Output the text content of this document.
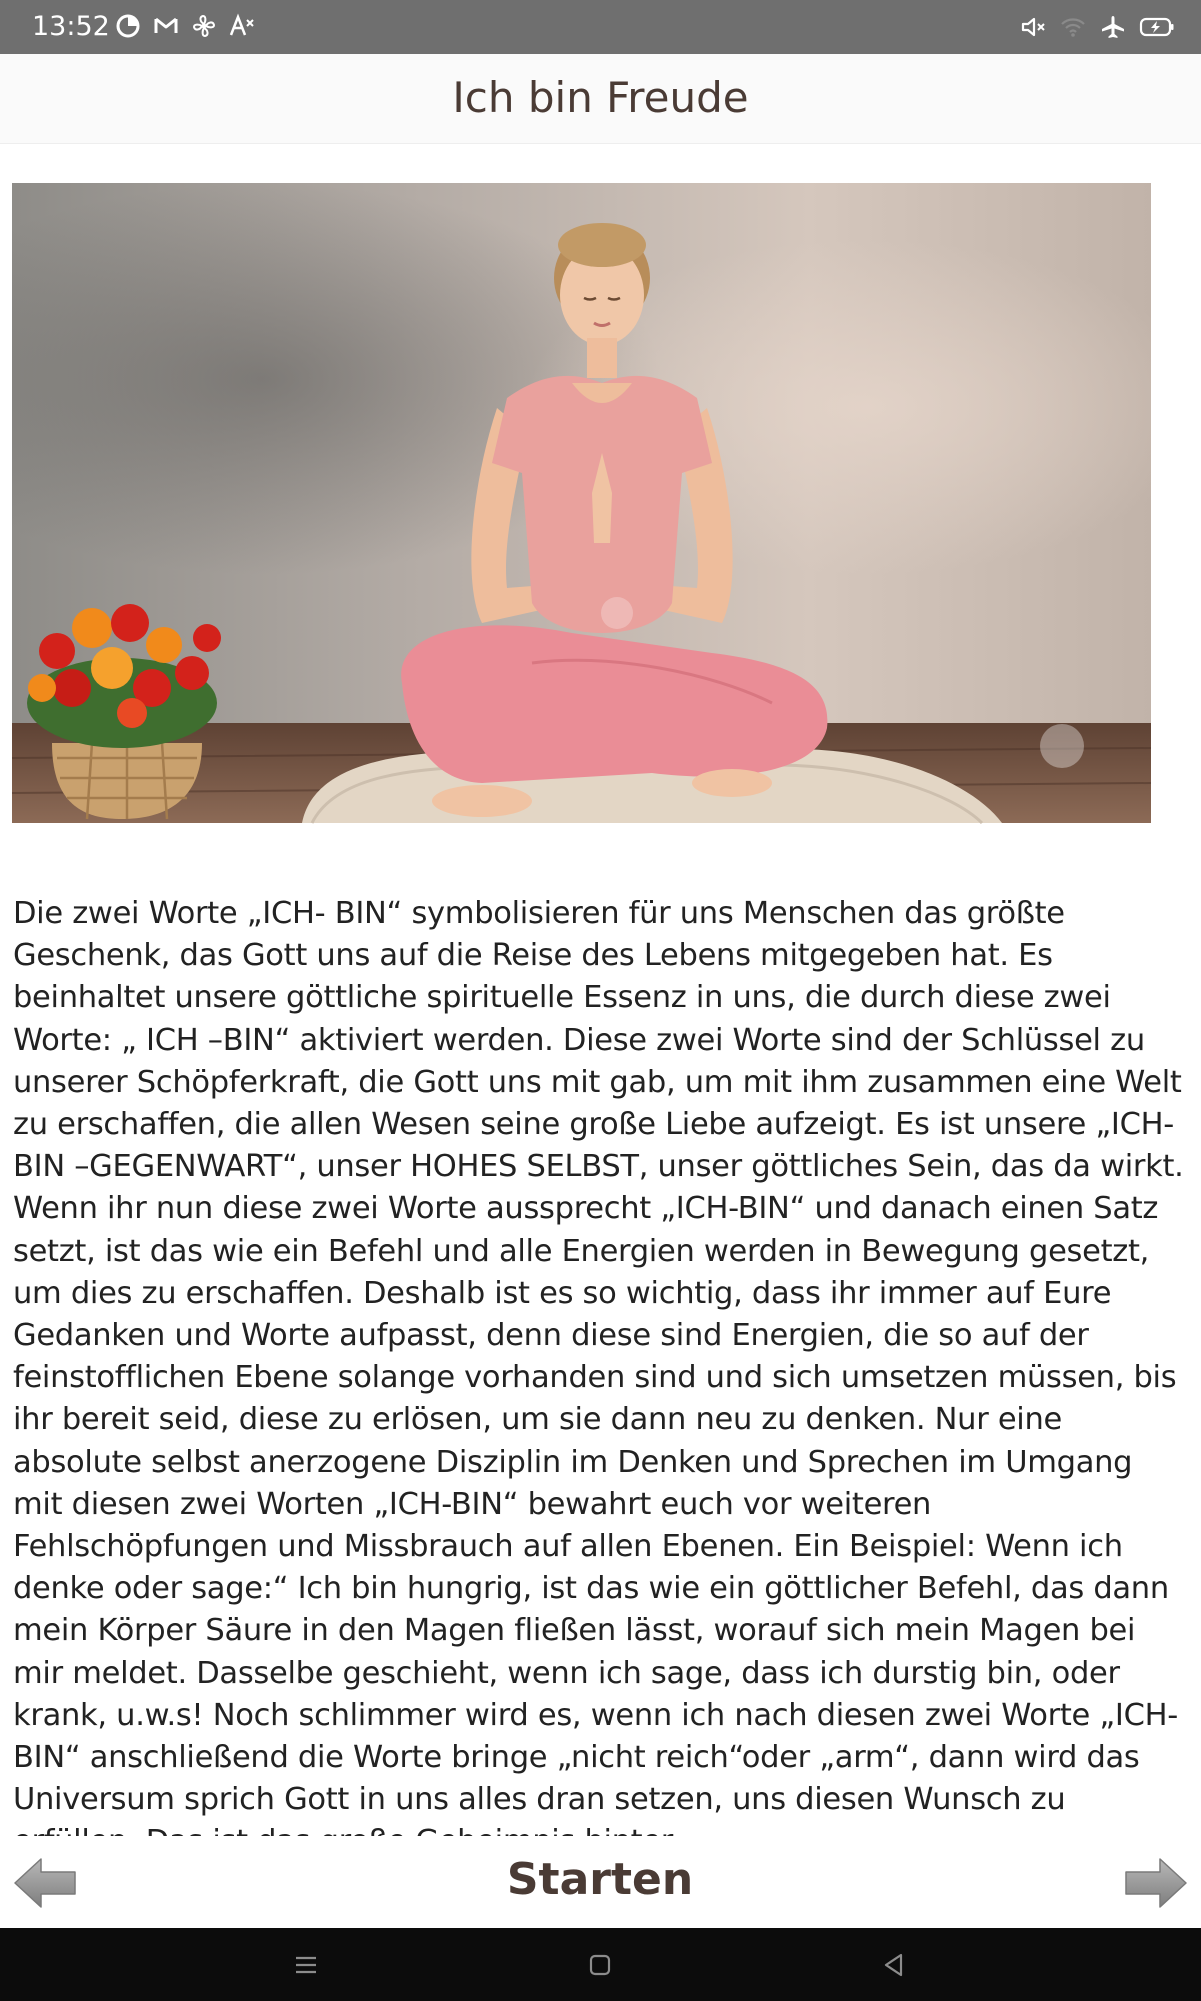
13:52
Ich bin Freude

Die zwei Worte „ICH- BIN“ symbolisieren für uns Menschen das größte Geschenk, das Gott uns auf die Reise des Lebens mitgegeben hat. Es beinhaltet unsere göttliche spirituelle Essenz in uns, die durch diese zwei Worte: „ ICH –BIN“ aktiviert werden. Diese zwei Worte sind der Schlüssel zu unserer Schöpferkraft, die Gott uns mit gab, um mit ihm zusammen eine Welt zu erschaffen, die allen Wesen seine große Liebe aufzeigt. Es ist unsere „ICH-BIN –GEGENWART“, unser HOHES SELBST, unser göttliches Sein, das da wirkt. Wenn ihr nun diese zwei Worte aussprecht „ICH-BIN“ und danach einen Satz setzt, ist das wie ein Befehl und alle Energien werden in Bewegung gesetzt, um dies zu erschaffen. Deshalb ist es so wichtig, dass ihr immer auf Eure Gedanken und Worte aufpasst, denn diese sind Energien, die so auf der feinstofflichen Ebene solange vorhanden sind und sich umsetzen müssen, bis ihr bereit seid, diese zu erlösen, um sie dann neu zu denken. Nur eine absolute selbst anerzogene Disziplin im Denken und Sprechen im Umgang mit diesen zwei Worten „ICH-BIN“ bewahrt euch vor weiteren Fehlschöpfungen und Missbrauch auf allen Ebenen. Ein Beispiel: Wenn ich denke oder sage:“ Ich bin hungrig, ist das wie ein göttlicher Befehl, das dann mein Körper Säure in den Magen fließen lässt, worauf sich mein Magen bei mir meldet. Dasselbe geschieht, wenn ich sage, dass ich durstig bin, oder krank, u.w.s! Noch schlimmer wird es, wenn ich nach diesen zwei Worte „ICH- BIN“ anschließend die Worte bringe „nicht reich“oder „arm“, dann wird das Universum sprich Gott in uns alles dran setzen, uns diesen Wunsch zu

Starten
